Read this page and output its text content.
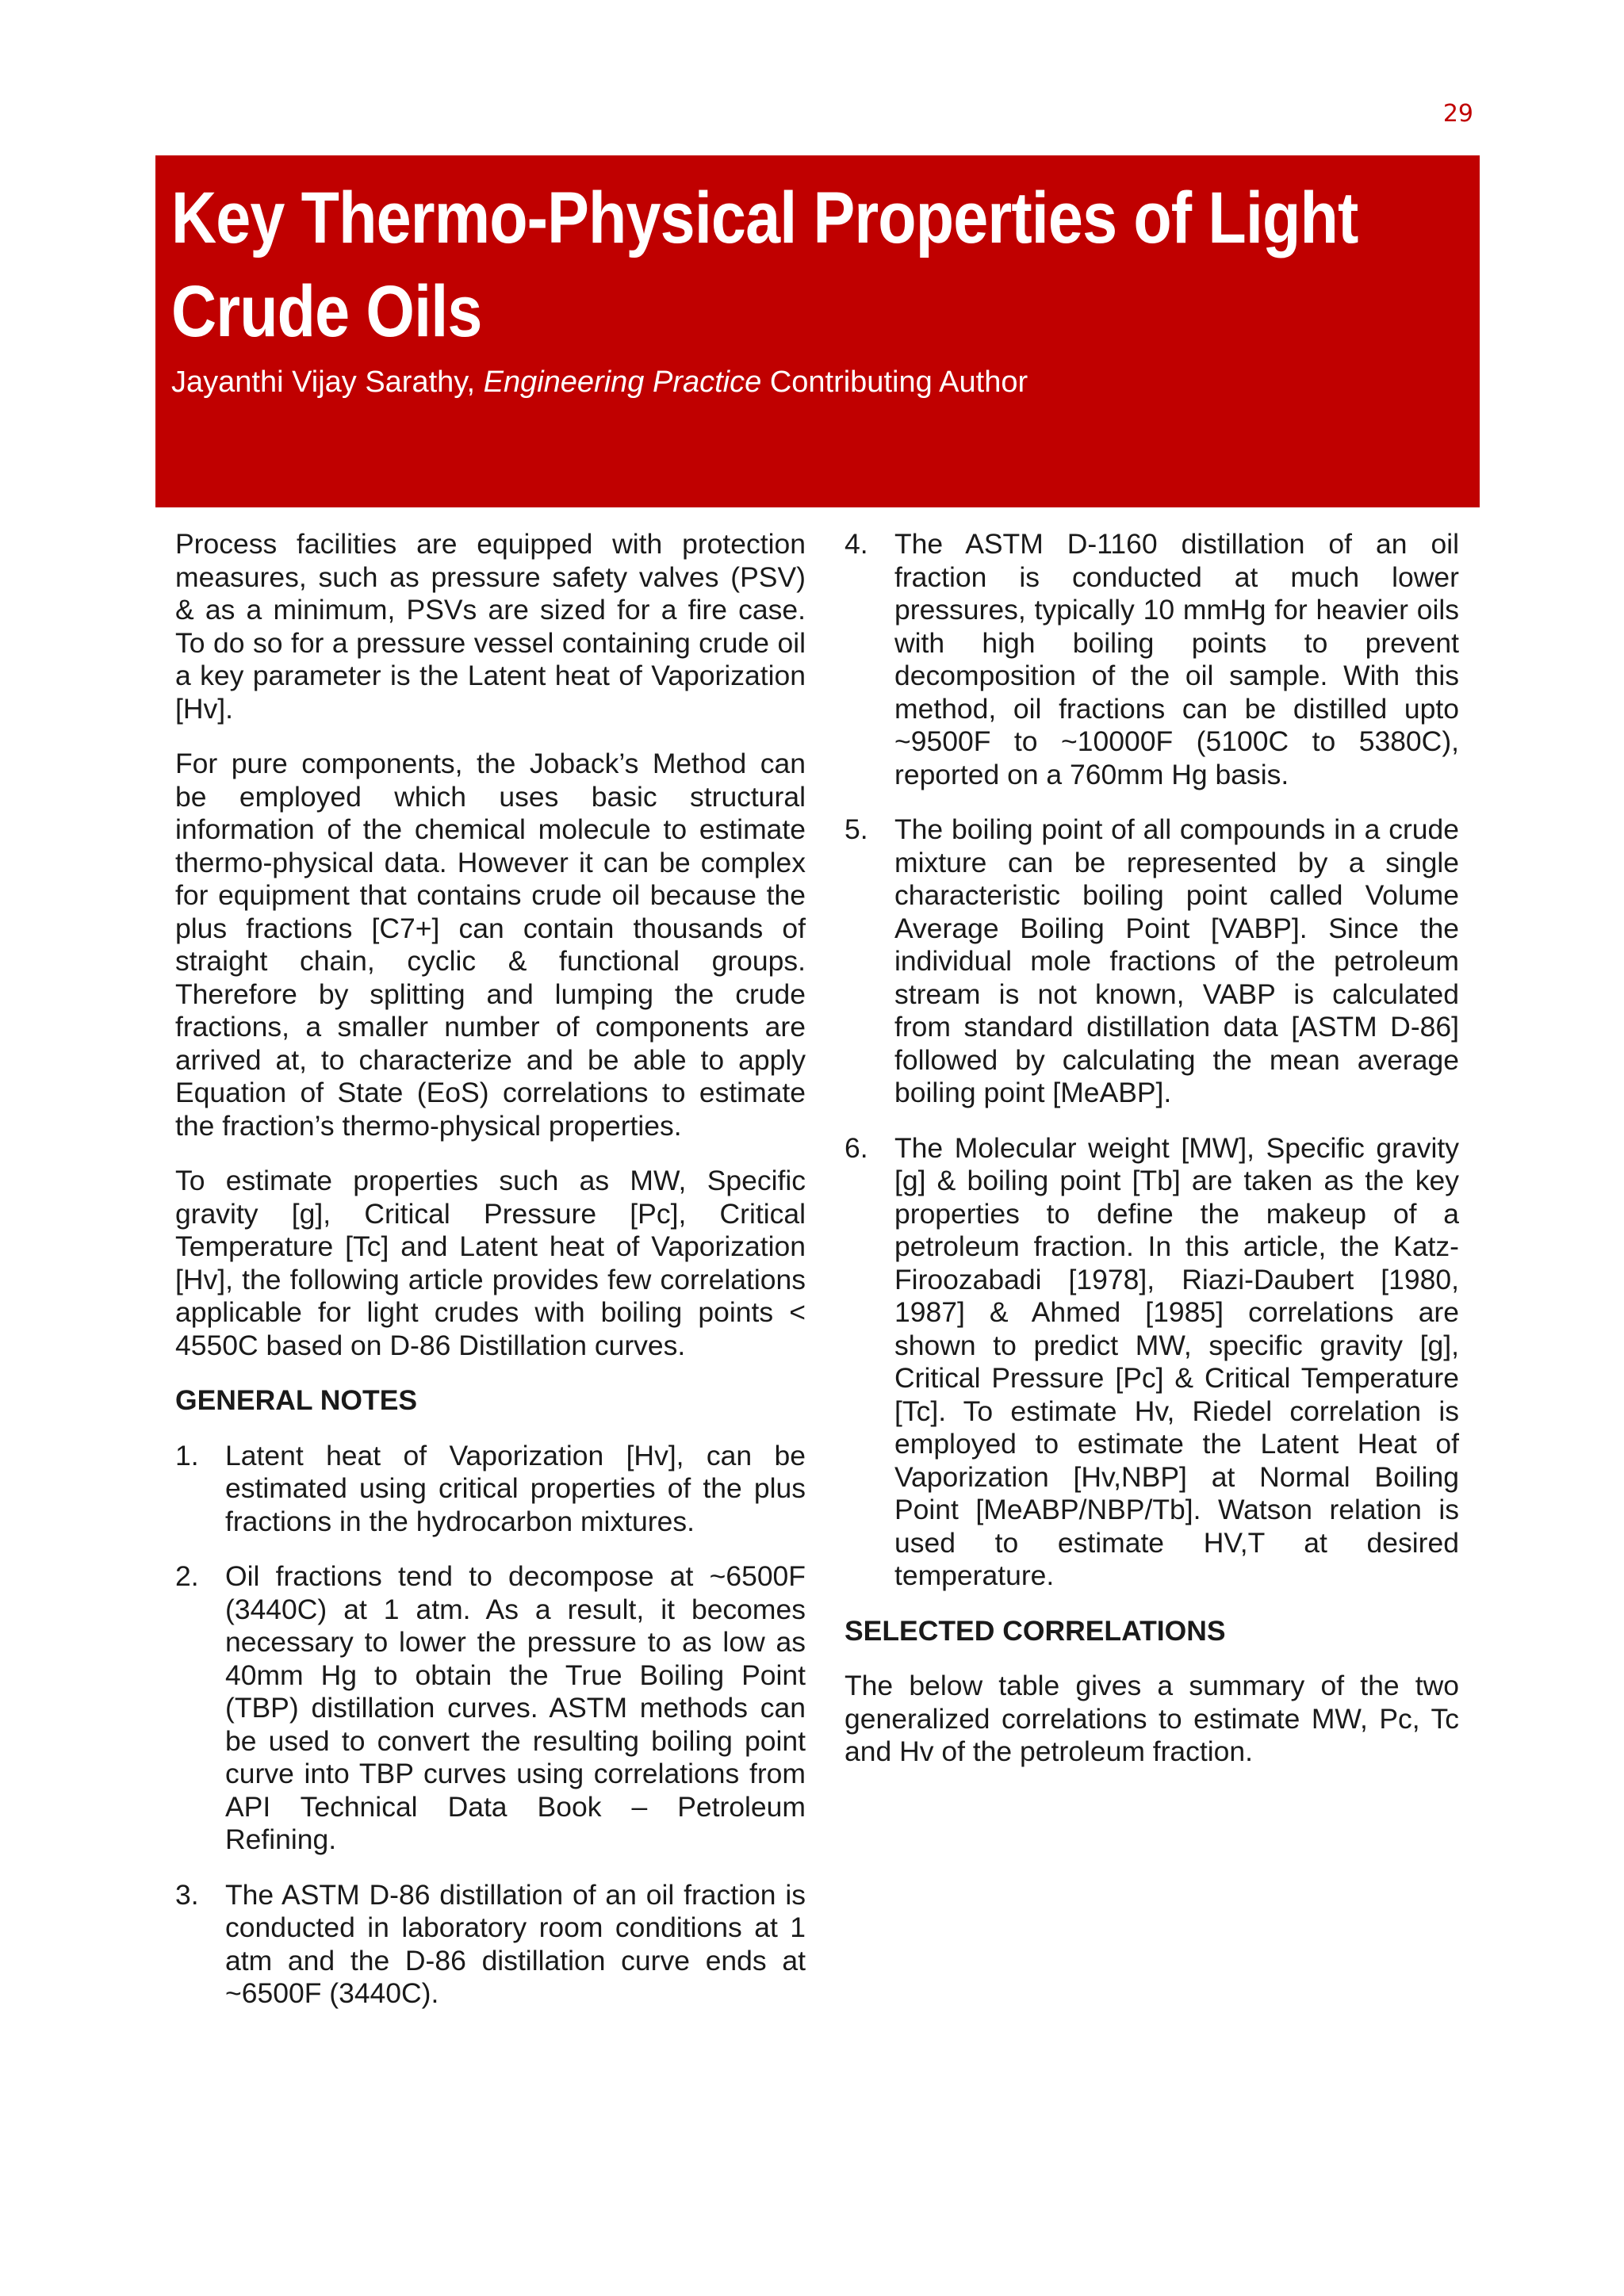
29
Key Thermo-Physical Properties of Light Crude Oils
Jayanthi Vijay Sarathy, Engineering Practice Contributing Author

Process facilities are equipped with protection measures, such as pressure safety valves (PSV) & as a minimum, PSVs are sized for a fire case. To do so for a pressure vessel containing crude oil a key parameter is the Latent heat of Vaporization [Hv].

For pure components, the Joback’s Method can be employed which uses basic structural information of the chemical molecule to estimate thermo-physical data. However it can be complex for equipment that contains crude oil because the plus fractions [C7+] can contain thousands of straight chain, cyclic & functional groups. Therefore by splitting and lumping the crude fractions, a smaller number of components are arrived at, to characterize and be able to apply Equation of State (EoS) correlations to estimate the fraction’s thermo-physical properties.

To estimate properties such as MW, Specific gravity [g], Critical Pressure [Pc], Critical Temperature [Tc] and Latent heat of Vaporization [Hv], the following article provides few correlations applicable for light crudes with boiling points < 4550C based on D-86 Distillation curves.

GENERAL NOTES
1. Latent heat of Vaporization [Hv], can be estimated using critical properties of the plus fractions in the hydrocarbon mixtures.
2. Oil fractions tend to decompose at ~6500F (3440C) at 1 atm. As a result, it becomes necessary to lower the pressure to as low as 40mm Hg to obtain the True Boiling Point (TBP) distillation curves. ASTM methods can be used to convert the resulting boiling point curve into TBP curves using correlations from API Technical Data Book – Petroleum Refining.
3. The ASTM D-86 distillation of an oil fraction is conducted in laboratory room conditions at 1 atm and the D-86 distillation curve ends at ~6500F (3440C).
4. The ASTM D-1160 distillation of an oil fraction is conducted at much lower pressures, typically 10 mmHg for heavier oils with high boiling points to prevent decomposition of the oil sample. With this method, oil fractions can be distilled upto ~9500F to ~10000F (5100C to 5380C), reported on a 760mm Hg basis.
5. The boiling point of all compounds in a crude mixture can be represented by a single characteristic boiling point called Volume Average Boiling Point [VABP]. Since the individual mole fractions of the petroleum stream is not known, VABP is calculated from standard distillation data [ASTM D-86] followed by calculating the mean average boiling point [MeABP].
6. The Molecular weight [MW], Specific gravity [g] & boiling point [Tb] are taken as the key properties to define the makeup of a petroleum fraction. In this article, the Katz-Firoozabadi [1978], Riazi-Daubert [1980, 1987] & Ahmed [1985] correlations are shown to predict MW, specific gravity [g], Critical Pressure [Pc] & Critical Temperature [Tc]. To estimate Hv, Riedel correlation is employed to estimate the Latent Heat of Vaporization [Hv,NBP] at Normal Boiling Point [MeABP/NBP/Tb]. Watson relation is used to estimate HV,T at desired temperature.
SELECTED CORRELATIONS

The below table gives a summary of the two generalized correlations to estimate MW, Pc, Tc and Hv of the petroleum fraction.
